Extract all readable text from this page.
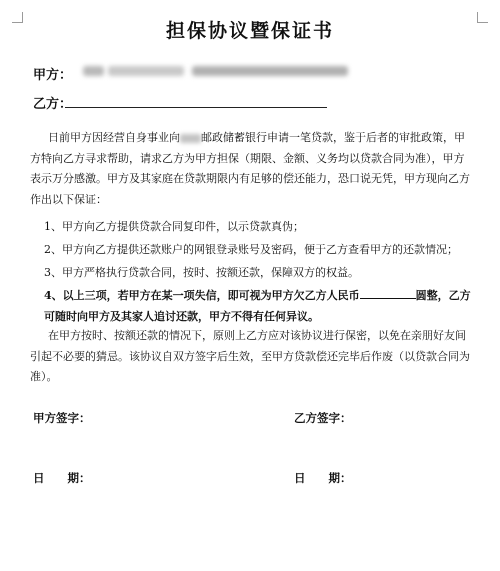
担保协议暨保证书
甲方：
乙方：
日前甲方因经营自身事业向 邮政储蓄银行申请一笔贷款，鉴于后者的审批政策，甲方特向乙方寻求帮助，请求乙方为甲方担保（期限、金额、义务均以贷款合同为准），甲方表示万分感激。甲方及其家庭在贷款期限内有足够的偿还能力，恐口说无凭，甲方现向乙方作出以下保证：
1、甲方向乙方提供贷款合同复印件，以示贷款真伪；
2、甲方向乙方提供还款账户的网银登录账号及密码，便于乙方查看甲方的还款情况；
3、甲方严格执行贷款合同，按时、按额还款，保障双方的权益。
4、以上三项，若甲方在某一项失信，即可视为甲方欠乙方人民币	圆整，乙方可随时向甲方及其家人追讨还款，甲方不得有任何异议。
在甲方按时、按额还款的情况下，原则上乙方应对该协议进行保密，以免在亲朋好友间引起不必要的猜忌。该协议自双方签字后生效，至甲方贷款偿还完毕后作废（以贷款合同为准）。
甲方签字：	乙方签字：
日　　期：	日　　期：
